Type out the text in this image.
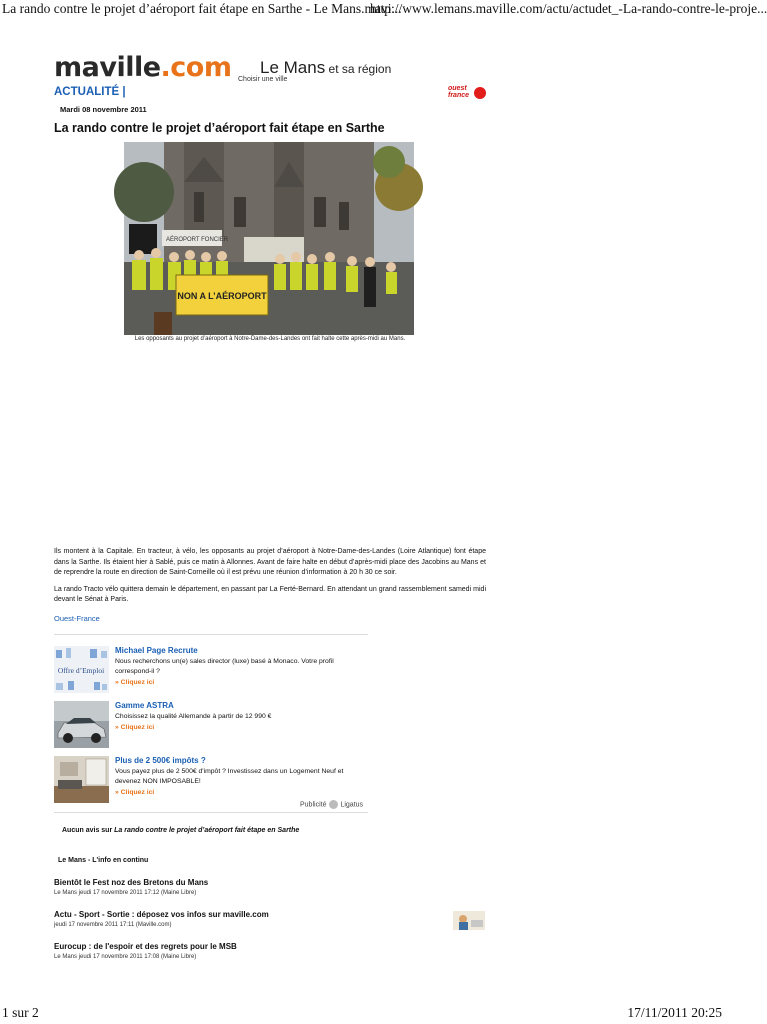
La rando contre le projet d’aéroport fait étape en Sarthe - Le Mans.mavi...
http://www.lemans.maville.com/actu/actudet_-La-rando-contre-le-proje...
maville.com Le Mans et sa région
Choisir une ville
ACTUALITÉ |	ouest
france
Mardi 08 novembre 2011
La rando contre le projet d’aéroport fait étape en Sarthe
AÉROPORT FONCIER
NON A L’AÉROPORT
Les opposants au projet d’aéroport à Notre-Dame-des-Landes ont fait halte cette après-midi au Mans.

Ils montent à la Capitale. En tracteur, à vélo, les opposants au projet d’aéroport à Notre-Dame-des-Landes (Loire Atlantique) font étape dans la Sarthe. Ils étaient hier à Sablé, puis ce matin à Allonnes. Avant de faire halte en début d’après-midi place des Jacobins au Mans et de reprendre la route en direction de Saint-Corneille où il est prévu une réunion d’information à 20 h 30 ce soir.

La rando Tracto vélo quittera demain le département, en passant par La Ferté-Bernard. En attendant un grand rassemblement samedi midi devant le Sénat à Paris.

Ouest-France
Offre d’Emploi
Michael Page Recrute
Nous recherchons un(e) sales director (luxe) basé à Monaco. Votre profil correspond-il ?
» Cliquez ici
Gamme ASTRA
Choisissez la qualité Allemande à partir de 12 990 €
» Cliquez ici
Plus de 2 500€ impôts ?
Vous payez plus de 2 500€ d'impôt ? Investissez dans un Logement Neuf et devenez NON IMPOSABLE!
» Cliquez ici
Publicité Ligatus
Aucun avis sur La rando contre le projet d’aéroport fait étape en Sarthe
Le Mans - L'info en continu
Bientôt le Fest noz des Bretons du Mans
Le Mans jeudi 17 novembre 2011 17:12 (Maine Libre)
Actu - Sport - Sortie : déposez vos infos sur maville.com
jeudi 17 novembre 2011 17:11 (Maville.com)
Eurocup : de l'espoir et des regrets pour le MSB
Le Mans jeudi 17 novembre 2011 17:08 (Maine Libre)
1 sur 2	17/11/2011 20:25
